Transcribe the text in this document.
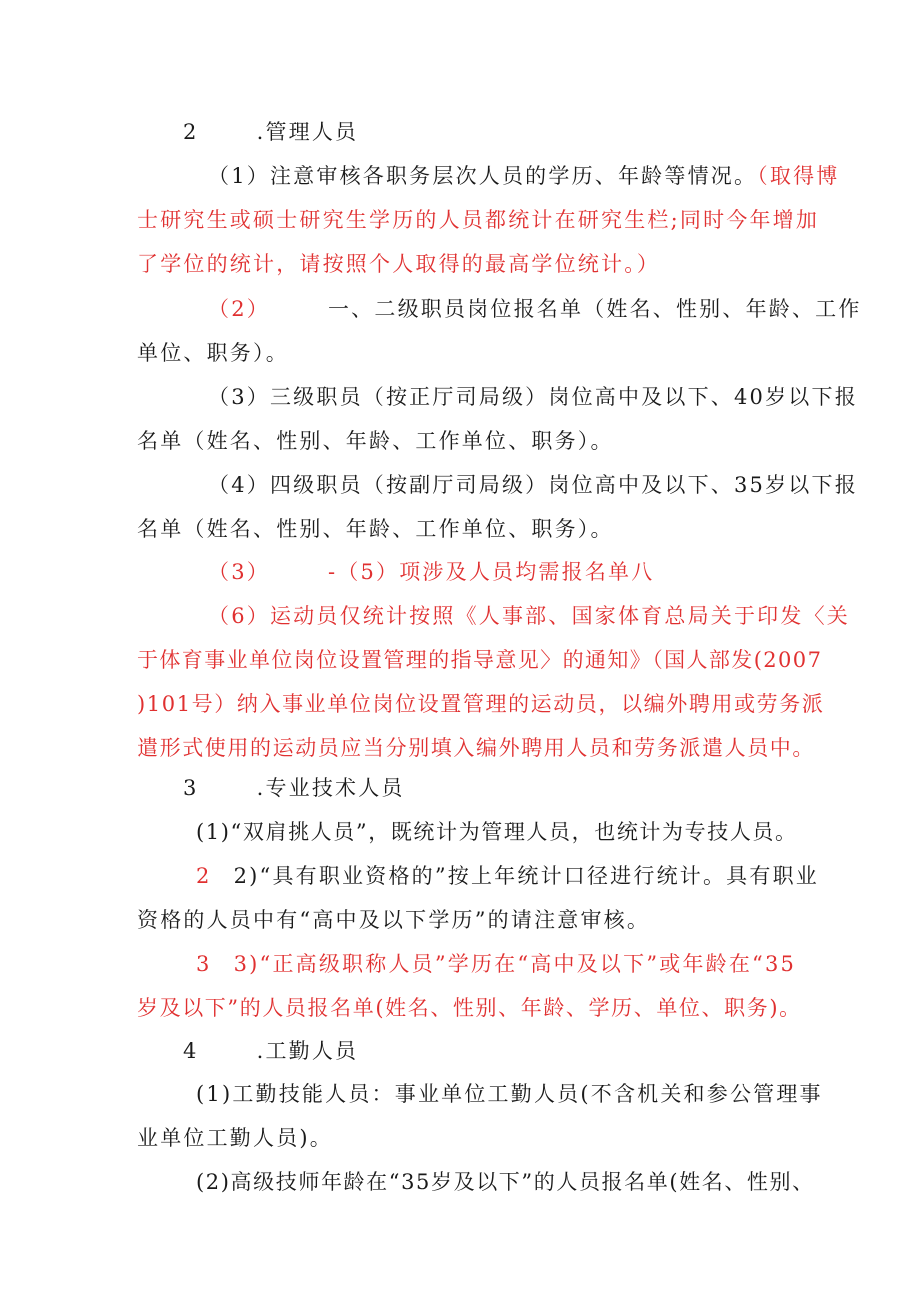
2	.管理人员
（1）注意审核各职务层次人员的学历、年龄等情况。（取得博
士研究生或硕士研究生学历的人员都统计在研究生栏;同时今年增加
了学位的统计，请按照个人取得的最高学位统计。）
（2）	一、二级职员岗位报名单（姓名、性别、年龄、工作
单位、职务）。
（3）三级职员（按正厅司局级）岗位高中及以下、40岁以下报
名单（姓名、性别、年龄、工作单位、职务）。
（4）四级职员（按副厅司局级）岗位高中及以下、35岁以下报
名单（姓名、性别、年龄、工作单位、职务）。
（3）	-（5）项涉及人员均需报名单八
（6）运动员仅统计按照《人事部、国家体育总局关于印发〈关
于体育事业单位岗位设置管理的指导意见〉的通知》（国人部发(2007
)101号）纳入事业单位岗位设置管理的运动员，以编外聘用或劳务派
遣形式使用的运动员应当分别填入编外聘用人员和劳务派遣人员中。
3	.专业技术人员
(1)“双肩挑人员”，既统计为管理人员，也统计为专技人员。
2 2)“具有职业资格的”按上年统计口径进行统计。具有职业
资格的人员中有“高中及以下学历”的请注意审核。
3 3)“正高级职称人员”学历在“高中及以下”或年龄在“35
岁及以下”的人员报名单(姓名、性别、年龄、学历、单位、职务)。
4	.工勤人员
(1)工勤技能人员：事业单位工勤人员(不含机关和参公管理事
业单位工勤人员)。
(2)高级技师年龄在“35岁及以下”的人员报名单(姓名、性别、
